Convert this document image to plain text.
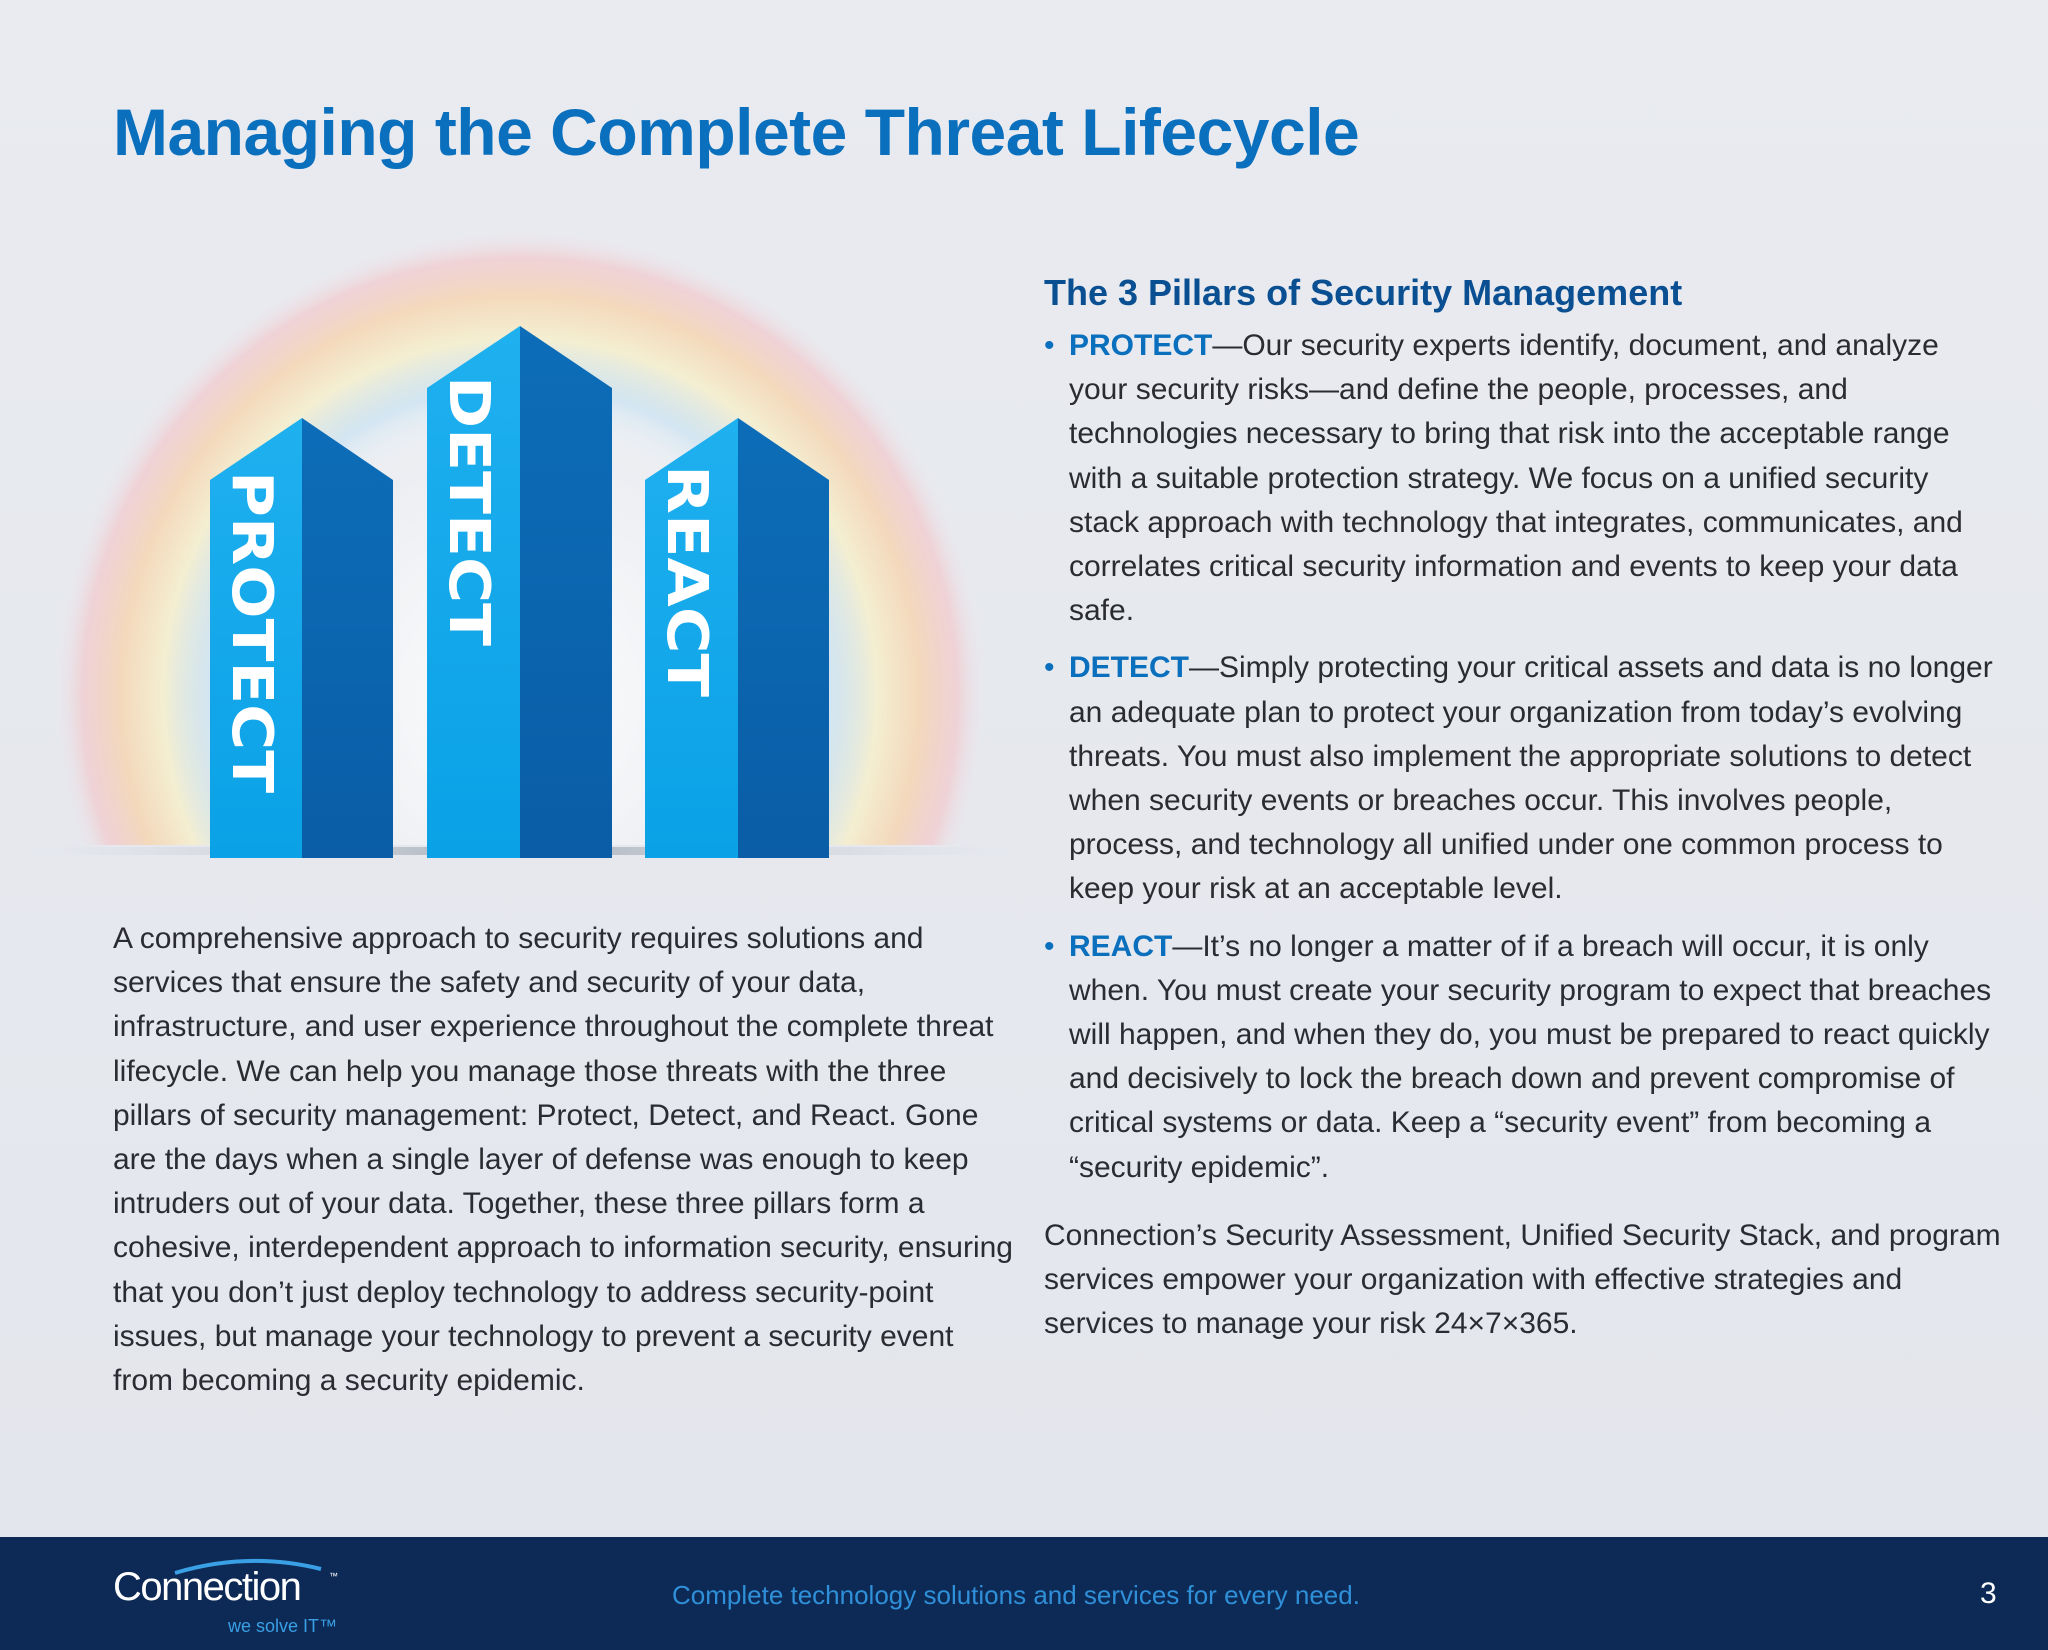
Managing the Complete Threat Lifecycle
PROTECT	DETECT	REACT

A comprehensive approach to security requires solutions and services that ensure the safety and security of your data, infrastructure, and user experience throughout the complete threat lifecycle. We can help you manage those threats with the three pillars of security management: Protect, Detect, and React. Gone are the days when a single layer of defense was enough to keep intruders out of your data. Together, these three pillars form a cohesive, interdependent approach to information security, ensuring that you don’t just deploy technology to address security-point issues, but manage your technology to prevent a security event from becoming a security epidemic.

The 3 Pillars of Security Management
• PROTECT—Our security experts identify, document, and analyze your security risks—and define the people, processes, and technologies necessary to bring that risk into the acceptable range with a suitable protection strategy. We focus on a unified security stack approach with technology that integrates, communicates, and correlates critical security information and events to keep your data safe.
• DETECT—Simply protecting your critical assets and data is no longer an adequate plan to protect your organization from today’s evolving threats. You must also implement the appropriate solutions to detect when security events or breaches occur. This involves people, process, and technology all unified under one common process to keep your risk at an acceptable level.
• REACT—It’s no longer a matter of if a breach will occur, it is only when. You must create your security program to expect that breaches will happen, and when they do, you must be prepared to react quickly and decisively to lock the breach down and prevent compromise of critical systems or data. Keep a “security event” from becoming a “security epidemic”.

Connection’s Security Assessment, Unified Security Stack, and program services empower your organization with effective strategies and services to manage your risk 24×7×365.

Connection	™
we solve IT™
Complete technology solutions and services for every need.	3
